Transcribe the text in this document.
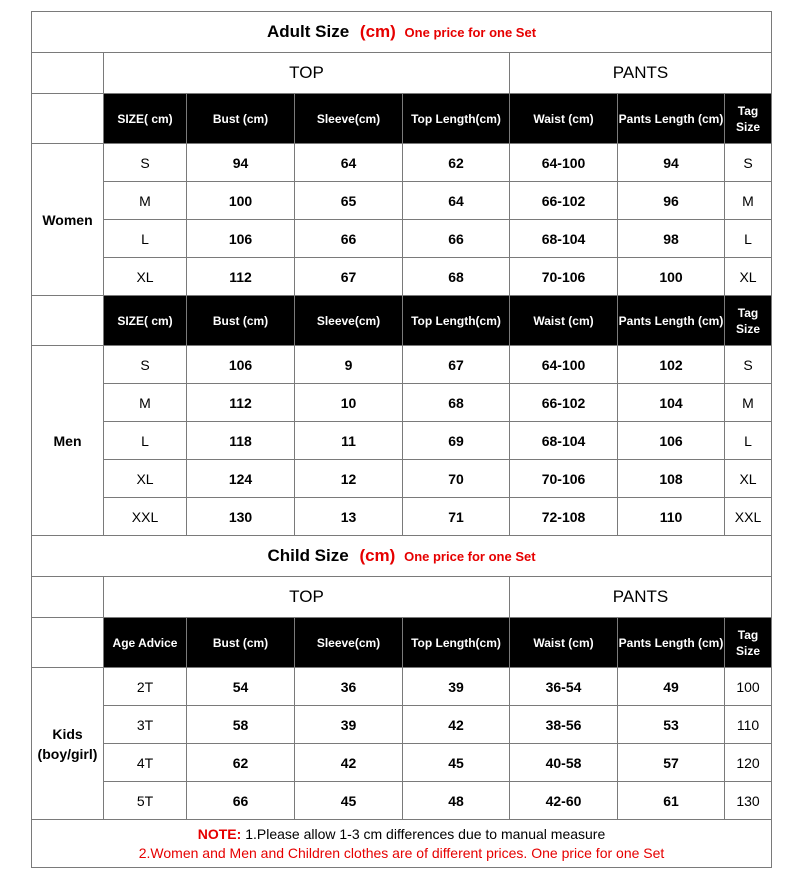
Adult Size (cm) One price for one Set							
	TOP				PANTS		
	SIZE( cm)	Bust (cm)	Sleeve(cm)	Top Length(cm)	Waist (cm)	Pants Length (cm)	Tag Size
Women	S	94	64	62	64-100	94	S
	M	100	65	64	66-102	96	M
	L	106	66	66	68-104	98	L
	XL	112	67	68	70-106	100	XL
	SIZE( cm)	Bust (cm)	Sleeve(cm)	Top Length(cm)	Waist (cm)	Pants Length (cm)	Tag Size
Men	S	106	9	67	64-100	102	S
	M	112	10	68	66-102	104	M
	L	118	11	69	68-104	106	L
	XL	124	12	70	70-106	108	XL
	XXL	130	13	71	72-108	110	XXL
Child Size (cm) One price for one Set							
	TOP				PANTS		
	Age Advice	Bust (cm)	Sleeve(cm)	Top Length(cm)	Waist (cm)	Pants Length (cm)	Tag Size
Kids (boy/girl)	2T	54	36	39	36-54	49	100
	3T	58	39	42	38-56	53	110
	4T	62	42	45	40-58	57	120
	5T	66	45	48	42-60	61	130

NOTE: 1.Please allow 1-3 cm differences due to manual measure
2.Women and Men and Children clothes are of different prices. One price for one Set							
